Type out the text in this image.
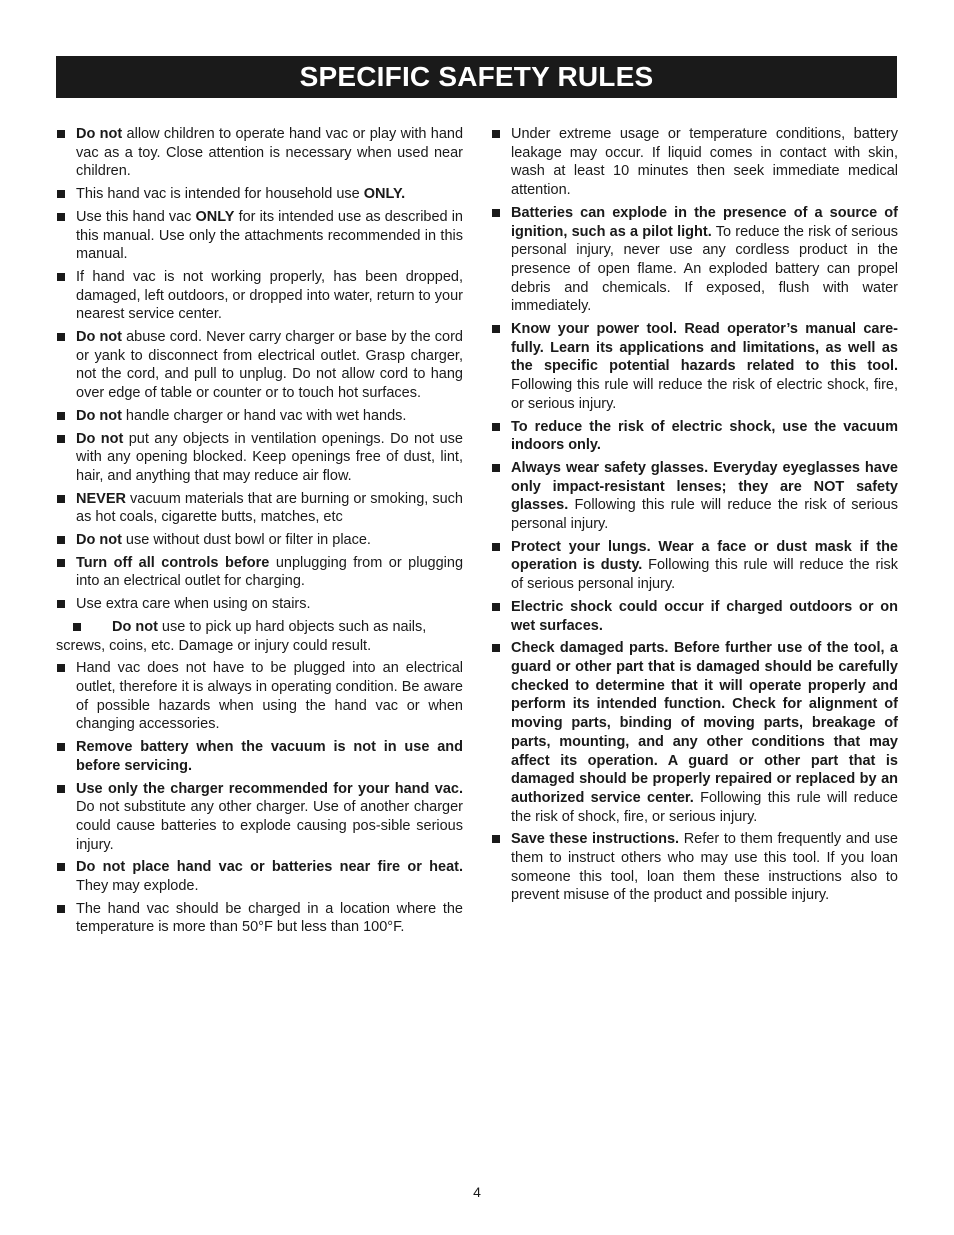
SPECIFIC SAFETY RULES
Do not allow children to operate hand vac or play with hand vac as a toy. Close attention is necessary when used near children.
This hand vac is intended for household use ONLY.
Use this hand vac ONLY for its intended use as described in this manual. Use only the attachments recommended in this manual.
If hand vac is not working properly, has been dropped, damaged, left outdoors, or dropped into water, return to your nearest service center.
Do not abuse cord. Never carry charger or base by the cord or yank to disconnect from electrical outlet. Grasp charger, not the cord, and pull to unplug. Do not allow cord to hang over edge of table or counter or to touch hot surfaces.
Do not handle charger or hand vac with wet hands.
Do not put any objects in ventilation openings. Do not use with any opening blocked. Keep openings free of dust, lint, hair, and anything that may reduce air flow.
NEVER vacuum materials that are burning or smoking, such as hot coals, cigarette butts, matches, etc
Do not use without dust bowl or filter in place.
Turn off all controls before unplugging from or plugging into an electrical outlet for charging.
Use extra care when using on stairs.
Do not use to pick up hard objects such as nails,
screws, coins, etc. Damage or injury could result.
Hand vac does not have to be plugged into an electrical outlet, therefore it is always in operating condition. Be aware of possible hazards when using the hand vac or when changing accessories.
Remove battery when the vacuum is not in use and before servicing.
Use only the charger recommended for your hand vac. Do not substitute any other charger. Use of another charger could cause batteries to explode causing pos-sible serious injury.
Do not place hand vac or batteries near fire or heat. They may explode.
The hand vac should be charged in a location where the temperature is more than 50°F but less than 100°F.
Under extreme usage or temperature conditions, battery leakage may occur. If liquid comes in contact with skin, wash at least 10 minutes then seek immediate medical attention.
Batteries can explode in the presence of a source of ignition, such as a pilot light. To reduce the risk of serious personal injury, never use any cordless product in the presence of open flame. An exploded battery can propel debris and chemicals. If exposed, flush with water immediately.
Know your power tool. Read operator’s manual care-fully. Learn its applications and limitations, as well as the specific potential hazards related to this tool. Following this rule will reduce the risk of electric shock, fire, or serious injury.
To reduce the risk of electric shock, use the vacuum indoors only.
Always wear safety glasses. Everyday eyeglasses have only impact-resistant lenses; they are NOT safety glasses. Following this rule will reduce the risk of serious personal injury.
Protect your lungs. Wear a face or dust mask if the operation is dusty. Following this rule will reduce the risk of serious personal injury.
Electric shock could occur if charged outdoors or on wet surfaces.
Check damaged parts. Before further use of the tool, a guard or other part that is damaged should be carefully checked to determine that it will operate properly and perform its intended function. Check for alignment of moving parts, binding of moving parts, breakage of parts, mounting, and any other conditions that may affect its operation. A guard or other part that is damaged should be properly repaired or replaced by an authorized service center. Following this rule will reduce the risk of shock, fire, or serious injury.
Save these instructions. Refer to them frequently and use them to instruct others who may use this tool. If you loan someone this tool, loan them these instructions also to prevent misuse of the product and possible injury.
4
